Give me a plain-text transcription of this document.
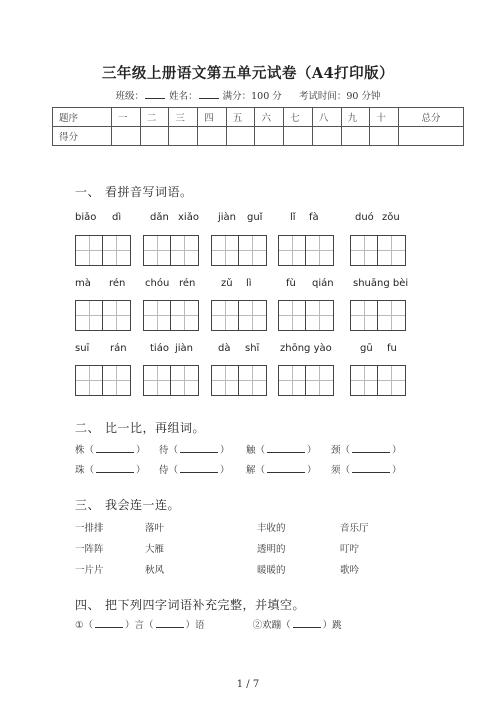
三年级上册语文第五单元试卷（A4打印版）
班级：	姓名：	满分：100 分 考试时间：90 分钟
题序	一	二	三	四	五	六	七	八	九	十	总分
得分											
一、 看拼音写词语。
biǎo dì	dǎn xiǎo jiàn guǐ	lǐ fà	duó zǒu
mà rén chóu rén	zǔ lì	fù qián shuāng bèi
suī rán tiáo jiàn dà shī zhōng yào	gū fu
二、 比一比，再组词。
株（	） 待（	） 触（	） 颈（	）
珠（	） 侍（	） 解（	） 须（	）
三、 我会连一连。
一排排	落叶	丰收的	音乐厅
一阵阵	大雁	透明的	叮咛
一片片	秋风	暖暖的	歌吟
四、 把下列四字词语补充完整，并填空。
①（	）言（	）语	②欢蹦（	）跳
1 / 7
